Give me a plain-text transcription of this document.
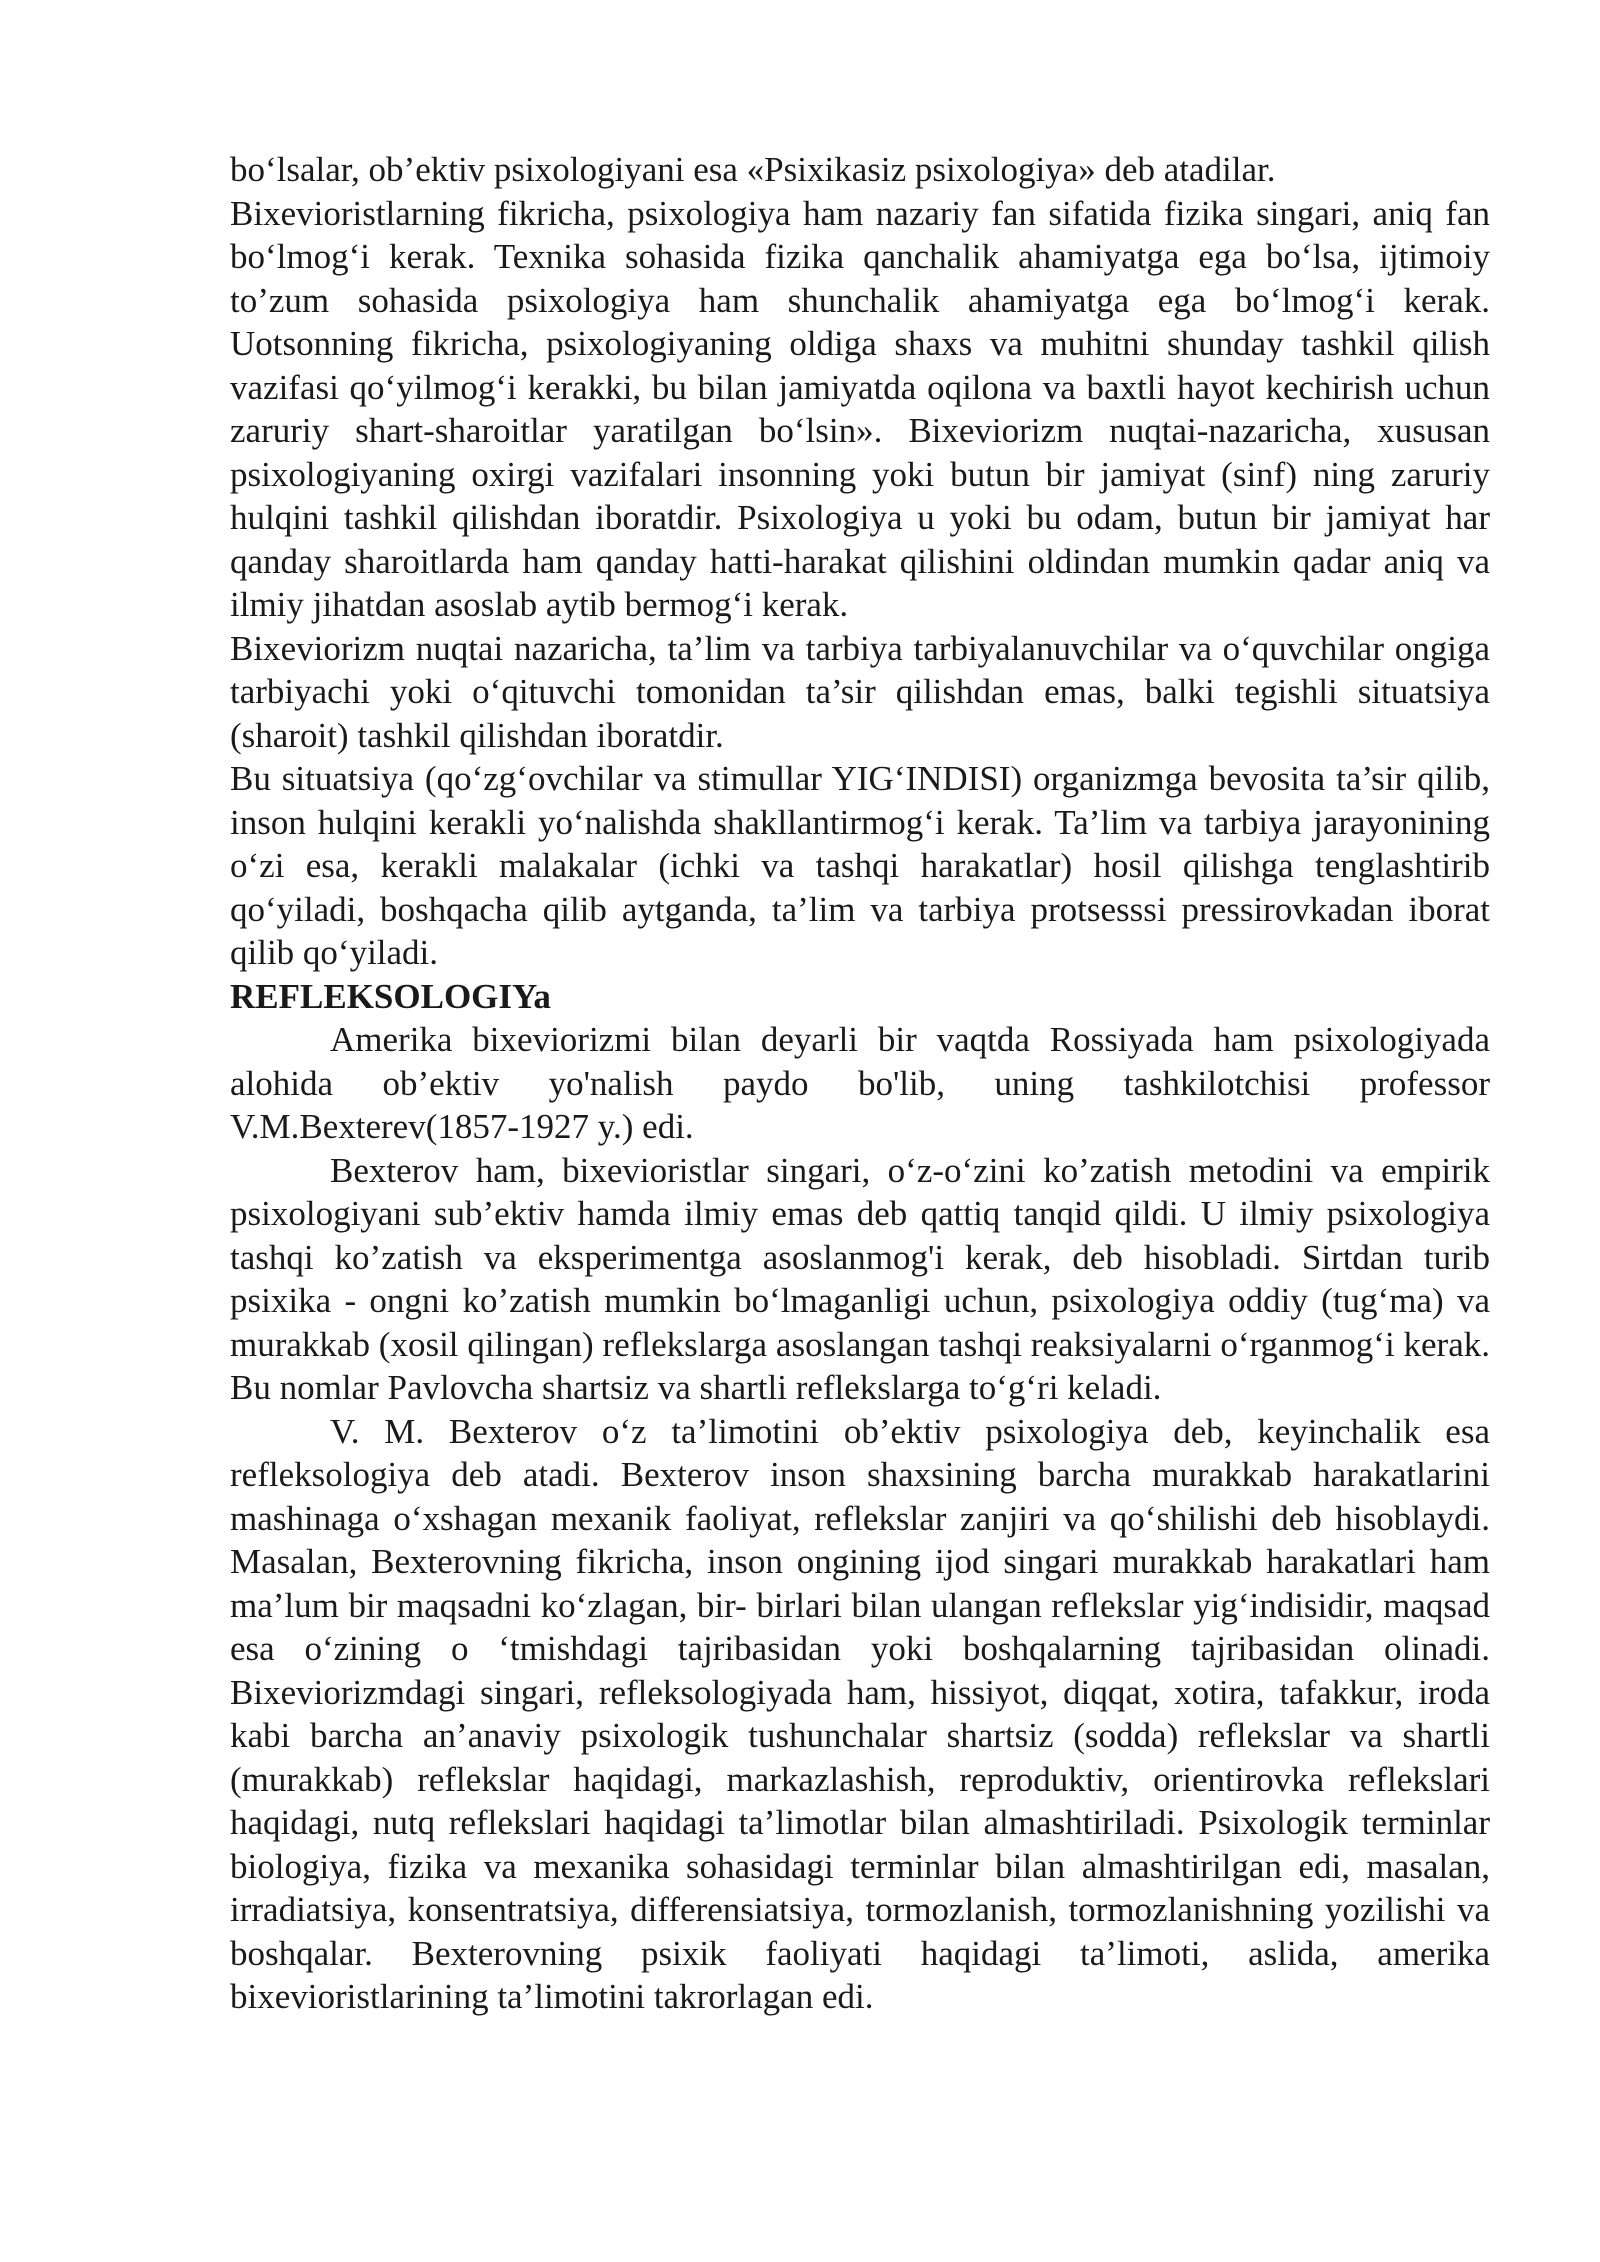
bo‘lsalar, ob’ektiv psixologiyani esa «Psixikasiz psixologiya» deb atadilar.

Bixevioristlarning fikricha, psixologiya ham nazariy fan sifatida fizika singari, aniq fan bo‘lmog‘i kerak. Texnika sohasida fizika qanchalik ahamiyatga ega bo‘lsa, ijtimoiy to’zum sohasida psixologiya ham shunchalik ahamiyatga ega bo‘lmog‘i kerak. Uotsonning fikricha, psixologiyaning oldiga shaxs va muhitni shunday tashkil qilish vazifasi qo‘yilmog‘i kerakki, bu bilan jamiyatda oqilona va baxtli hayot kechirish uchun zaruriy shart-sharoitlar yaratilgan bo‘lsin». Bixeviorizm nuqtai-nazaricha, xususan psixologiyaning oxirgi vazifalari insonning yoki butun bir jamiyat (sinf) ning zaruriy hulqini tashkil qilishdan iboratdir. Psixologiya u yoki bu odam, butun bir jamiyat har qanday sharoitlarda ham qanday hatti-harakat qilishini oldindan mumkin qadar aniq va ilmiy jihatdan asoslab aytib bermog‘i kerak.

Bixeviorizm nuqtai nazaricha, ta’lim va tarbiya tarbiyalanuvchilar va o‘quvchilar ongiga tarbiyachi yoki o‘qituvchi tomonidan ta’sir qilishdan emas, balki tegishli situatsiya (sharoit) tashkil qilishdan iboratdir.

Bu situatsiya (qo‘zg‘ovchilar va stimullar YIG‘INDISI) organizmga bevosita ta’sir qilib, inson hulqini kerakli yo‘nalishda shakllantirmog‘i kerak. Ta’lim va tarbiya jarayonining o‘zi esa, kerakli malakalar (ichki va tashqi harakatlar) hosil qilishga tenglashtirib qo‘yiladi, boshqacha qilib aytganda, ta’lim va tarbiya protsesssi pressirovkadan iborat qilib qo‘yiladi.

REFLEKSOLOGIYa

Amerika bixeviorizmi bilan deyarli bir vaqtda Rossiyada ham psixologiyada alohida ob’ektiv yo'nalish paydo bo'lib, uning tashkilotchisi professor V.M.Bexterev(1857-1927 y.) edi.

Bexterov ham, bixevioristlar singari, o‘z-o‘zini ko’zatish metodini va empirik psixologiyani sub’ektiv hamda ilmiy emas deb qattiq tanqid qildi. U ilmiy psixologiya tashqi ko’zatish va eksperimentga asoslanmog'i kerak, deb hisobladi. Sirtdan turib psixika - ongni ko’zatish mumkin bo‘lmaganligi uchun, psixologiya oddiy (tug‘ma) va murakkab (xosil qilingan) reflekslarga asoslangan tashqi reaksiyalarni o‘rganmog‘i kerak. Bu nomlar Pavlovcha shartsiz va shartli reflekslarga to‘g‘ri keladi.

V. M. Bexterov o‘z ta’limotini ob’ektiv psixologiya deb, keyinchalik esa refleksologiya deb atadi. Bexterov inson shaxsining barcha murakkab harakatlarini mashinaga o‘xshagan mexanik faoliyat, reflekslar zanjiri va qo‘shilishi deb hisoblaydi. Masalan, Bexterovning fikricha, inson ongining ijod singari murakkab harakatlari ham ma’lum bir maqsadni ko‘zlagan, bir- birlari bilan ulangan reflekslar yig‘indisidir, maqsad esa o‘zining o ‘tmishdagi tajribasidan yoki boshqalarning tajribasidan olinadi. Bixeviorizmdagi singari, refleksologiyada ham, hissiyot, diqqat, xotira, tafakkur, iroda kabi barcha an’anaviy psixologik tushunchalar shartsiz (sodda) reflekslar va shartli (murakkab) reflekslar haqidagi, markazlashish, reproduktiv, orientirovka reflekslari haqidagi, nutq reflekslari haqidagi ta’limotlar bilan almashtiriladi. Psixologik terminlar biologiya, fizika va mexanika sohasidagi terminlar bilan almashtirilgan edi, masalan, irradiatsiya, konsentratsiya, differensiatsiya, tormozlanish, tormozlanishning yozilishi va boshqalar. Bexterovning psixik faoliyati haqidagi ta’limoti, aslida, amerika bixevioristlarining ta’limotini takrorlagan edi.
